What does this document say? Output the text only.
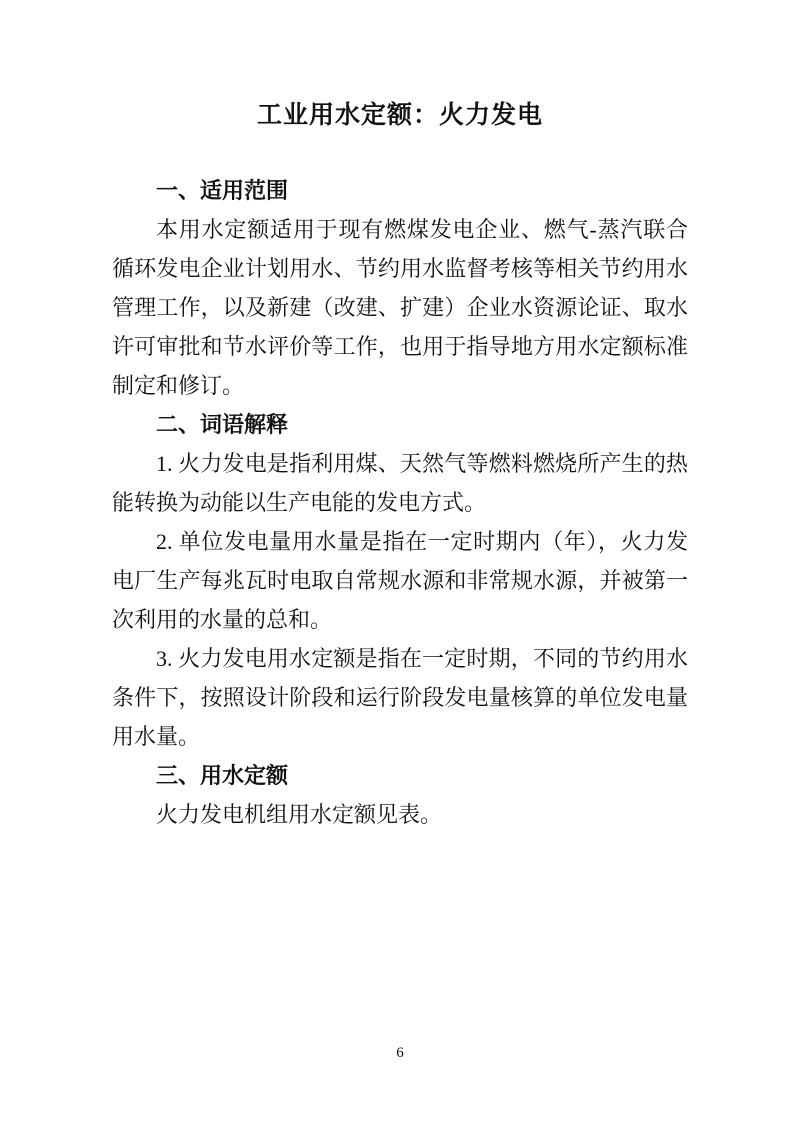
工业用水定额：火力发电
一、适用范围

本用水定额适用于现有燃煤发电企业、燃气-蒸汽联合循环发电企业计划用水、节约用水监督考核等相关节约用水管理工作，以及新建（改建、扩建）企业水资源论证、取水许可审批和节水评价等工作，也用于指导地方用水定额标准制定和修订。

二、词语解释

1. 火力发电是指利用煤、天然气等燃料燃烧所产生的热能转换为动能以生产电能的发电方式。

2. 单位发电量用水量是指在一定时期内（年），火力发电厂生产每兆瓦时电取自常规水源和非常规水源，并被第一次利用的水量的总和。

3. 火力发电用水定额是指在一定时期，不同的节约用水条件下，按照设计阶段和运行阶段发电量核算的单位发电量用水量。

三、用水定额

火力发电机组用水定额见表。

6
